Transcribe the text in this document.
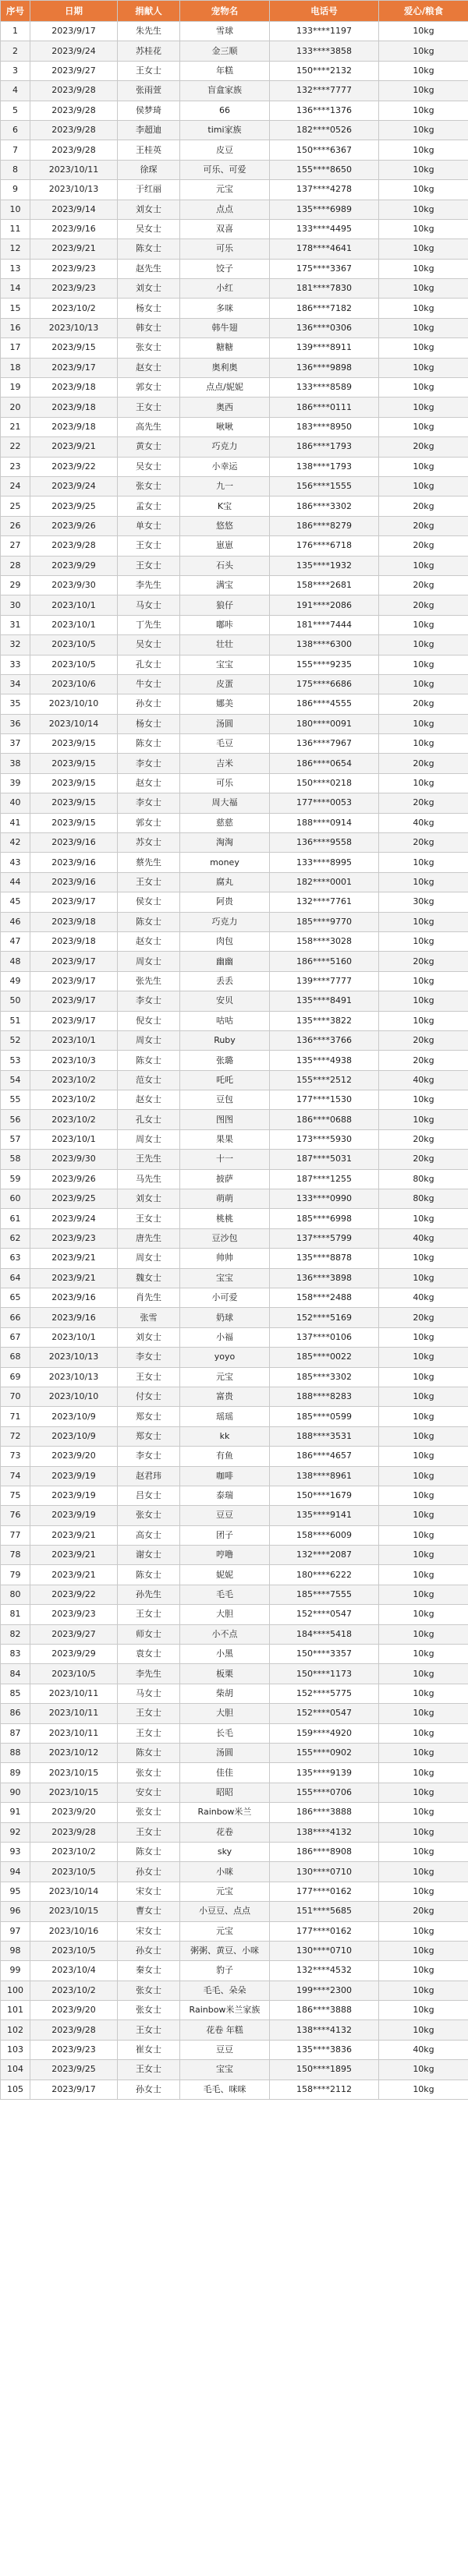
序号	日期	捐献人	宠物名	电话号	爱心/粮食
1	2023/9/17	朱先生	雪球	133****1197	10kg
2	2023/9/24	苏桂花	金三顺	133****3858	10kg
3	2023/9/27	王女士	年糕	150****2132	10kg
4	2023/9/28	张雨萱	盲盒家族	132****7777	10kg
5	2023/9/28	侯梦琦	66	136****1376	10kg
6	2023/9/28	李超迪	timi家族	182****0526	10kg
7	2023/9/28	王桂英	皮豆	150****6367	10kg
8	2023/10/11	徐琛	可乐、可爱	155****8650	10kg
9	2023/10/13	于红丽	元宝	137****4278	10kg
10	2023/9/14	刘女士	点点	135****6989	10kg
11	2023/9/16	吴女士	双喜	133****4495	10kg
12	2023/9/21	陈女士	可乐	178****4641	10kg
13	2023/9/23	赵先生	饺子	175****3367	10kg
14	2023/9/23	刘女士	小红	181****7830	10kg
15	2023/10/2	杨女士	多咪	186****7182	10kg
16	2023/10/13	韩女士	韩牛翅	136****0306	10kg
17	2023/9/15	张女士	糖糖	139****8911	10kg
18	2023/9/17	赵女士	奥利奥	136****9898	10kg
19	2023/9/18	郭女士	点点/妮妮	133****8589	10kg
20	2023/9/18	王女士	奥西	186****0111	10kg
21	2023/9/18	高先生	啾啾	183****8950	10kg
22	2023/9/21	黄女士	巧克力	186****1793	20kg
23	2023/9/22	吴女士	小幸运	138****1793	10kg
24	2023/9/24	张女士	九一	156****1555	10kg
25	2023/9/25	孟女士	K宝	186****3302	20kg
26	2023/9/26	单女士	悠悠	186****8279	20kg
27	2023/9/28	王女士	崽崽	176****6718	20kg
28	2023/9/29	王女士	石头	135****1932	10kg
29	2023/9/30	李先生	满宝	158****2681	20kg
30	2023/10/1	马女士	狼仔	191****2086	20kg
31	2023/10/1	丁先生	嘟咔	181****7444	10kg
32	2023/10/5	吴女士	壮壮	138****6300	10kg
33	2023/10/5	孔女士	宝宝	155****9235	10kg
34	2023/10/6	牛女士	皮蛋	175****6686	10kg
35	2023/10/10	孙女士	娜美	186****4555	20kg
36	2023/10/14	杨女士	汤圆	180****0091	10kg
37	2023/9/15	陈女士	毛豆	136****7967	10kg
38	2023/9/15	李女士	吉米	186****0654	20kg
39	2023/9/15	赵女士	可乐	150****0218	10kg
40	2023/9/15	李女士	周大福	177****0053	20kg
41	2023/9/15	郭女士	慈慈	188****0914	40kg
42	2023/9/16	苏女士	淘淘	136****9558	20kg
43	2023/9/16	蔡先生	money	133****8995	10kg
44	2023/9/16	王女士	腐丸	182****0001	10kg
45	2023/9/17	侯女士	阿贵	132****7761	30kg
46	2023/9/18	陈女士	巧克力	185****9770	10kg
47	2023/9/18	赵女士	肉包	158****3028	10kg
48	2023/9/17	周女士	幽幽	186****5160	20kg
49	2023/9/17	张先生	丢丢	139****7777	10kg
50	2023/9/17	李女士	安贝	135****8491	10kg
51	2023/9/17	倪女士	咕咕	135****3822	10kg
52	2023/10/1	周女士	Ruby	136****3766	20kg
53	2023/10/3	陈女士	张璐	135****4938	20kg
54	2023/10/2	范女士	吒吒	155****2512	40kg
55	2023/10/2	赵女士	豆包	177****1530	10kg
56	2023/10/2	孔女士	图图	186****0688	10kg
57	2023/10/1	周女士	果果	173****5930	20kg
58	2023/9/30	王先生	十一	187****5031	20kg
59	2023/9/26	马先生	披萨	187****1255	80kg
60	2023/9/25	刘女士	萌萌	133****0990	80kg
61	2023/9/24	王女士	桃桃	185****6998	10kg
62	2023/9/23	唐先生	豆沙包	137****5799	40kg
63	2023/9/21	周女士	帅帅	135****8878	10kg
64	2023/9/21	魏女士	宝宝	136****3898	10kg
65	2023/9/16	肖先生	小可爱	158****2488	40kg
66	2023/9/16	张雪	奶球	152****5169	20kg
67	2023/10/1	刘女士	小福	137****0106	10kg
68	2023/10/13	李女士	yoyo	185****0022	10kg
69	2023/10/13	王女士	元宝	185****3302	10kg
70	2023/10/10	付女士	富贵	188****8283	10kg
71	2023/10/9	郑女士	瑶瑶	185****0599	10kg
72	2023/10/9	郑女士	kk	188****3531	10kg
73	2023/9/20	李女士	有鱼	186****4657	10kg
74	2023/9/19	赵君玮	咖啡	138****8961	10kg
75	2023/9/19	吕女士	泰瑞	150****1679	10kg
76	2023/9/19	张女士	豆豆	135****9141	10kg
77	2023/9/21	高女士	团子	158****6009	10kg
78	2023/9/21	谢女士	哼噜	132****2087	10kg
79	2023/9/21	陈女士	妮妮	180****6222	10kg
80	2023/9/22	孙先生	毛毛	185****7555	10kg
81	2023/9/23	王女士	大胆	152****0547	10kg
82	2023/9/27	师女士	小不点	184****5418	10kg
83	2023/9/29	袁女士	小黑	150****3357	10kg
84	2023/10/5	李先生	板栗	150****1173	10kg
85	2023/10/11	马女士	柴胡	152****5775	10kg
86	2023/10/11	王女士	大胆	152****0547	10kg
87	2023/10/11	王女士	长毛	159****4920	10kg
88	2023/10/12	陈女士	汤圆	155****0902	10kg
89	2023/10/15	张女士	佳佳	135****9139	10kg
90	2023/10/15	安女士	昭昭	155****0706	10kg
91	2023/9/20	张女士	Rainbow米兰	186****3888	10kg
92	2023/9/28	王女士	花卷	138****4132	10kg
93	2023/10/2	陈女士	sky	186****8908	10kg
94	2023/10/5	孙女士	小咪	130****0710	10kg
95	2023/10/14	宋女士	元宝	177****0162	10kg
96	2023/10/15	曹女士	小豆豆、点点	151****5685	20kg
97	2023/10/16	宋女士	元宝	177****0162	10kg
98	2023/10/5	孙女士	粥粥、黄豆、小咪	130****0710	10kg
99	2023/10/4	秦女士	豹子	132****4532	10kg
100	2023/10/2	张女士	毛毛、朵朵	199****2300	10kg
101	2023/9/20	张女士	Rainbow米兰家族	186****3888	10kg
102	2023/9/28	王女士	花卷 年糕	138****4132	10kg
103	2023/9/23	崔女士	豆豆	135****3836	40kg
104	2023/9/25	王女士	宝宝	150****1895	10kg
105	2023/9/17	孙女士	毛毛、咪咪	158****2112	10kg
